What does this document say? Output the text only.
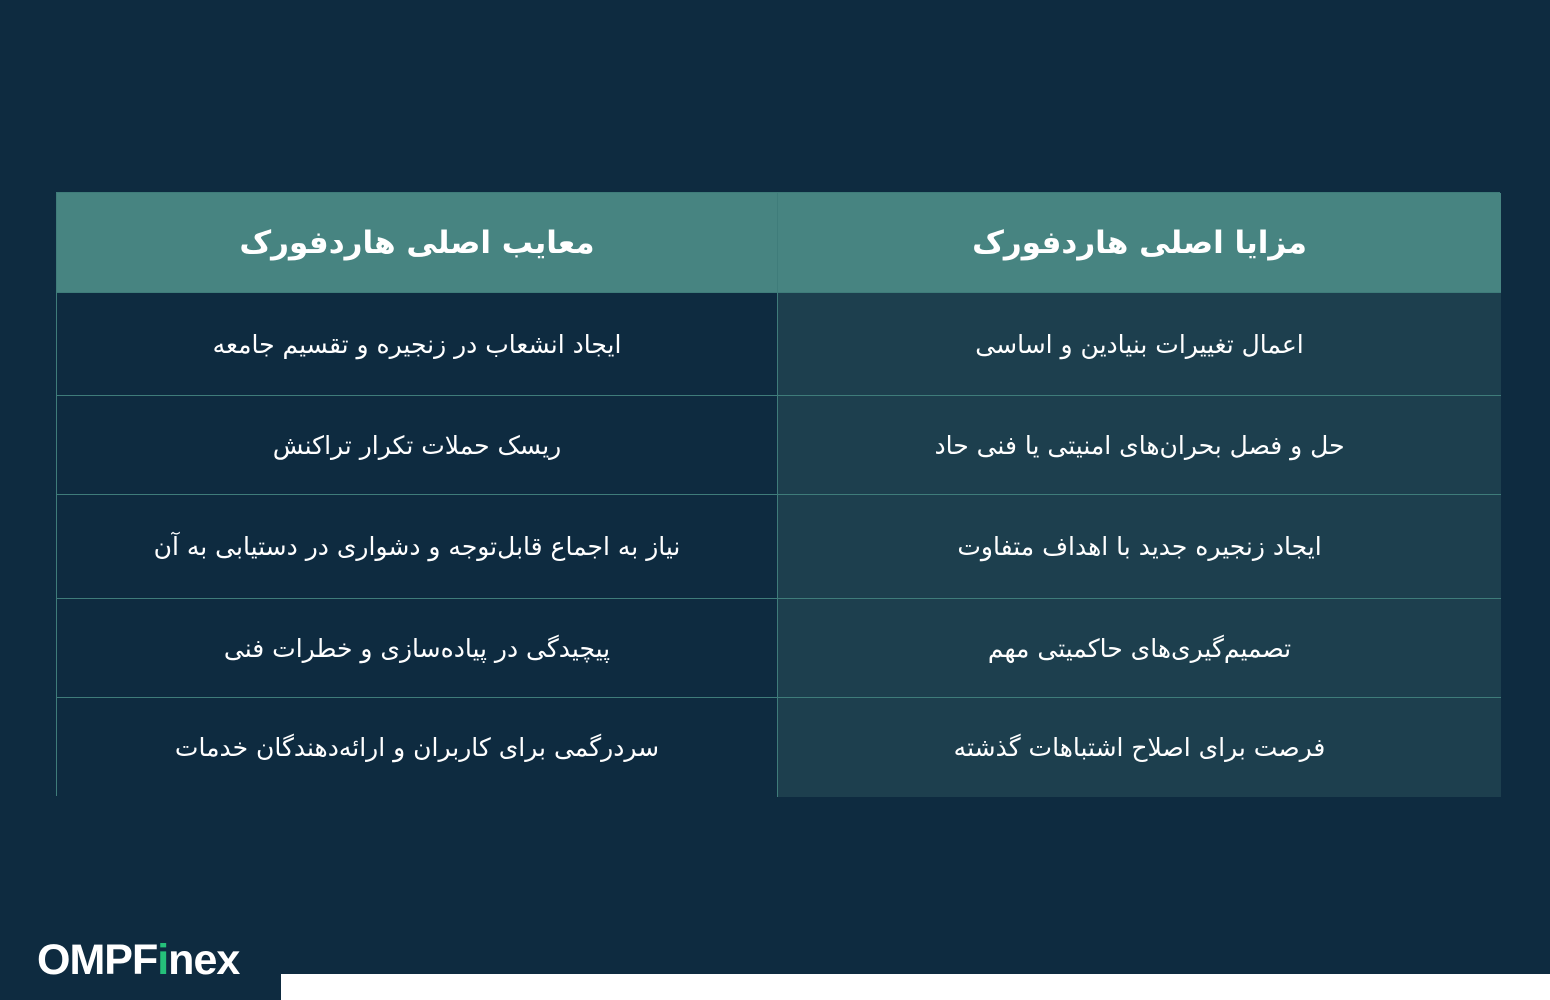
معایب اصلی هاردفورک	مزایا اصلی هاردفورک
ایجاد انشعاب در زنجیره و تقسیم جامعه	اعمال تغییرات بنیادین و اساسی
ریسک حملات تکرار تراکنش	حل و فصل بحران‌های امنیتی یا فنی حاد
نیاز به اجماع قابل‌توجه و دشواری در دستیابی به آن	ایجاد زنجیره جدید با اهداف متفاوت
پیچیدگی در پیاده‌سازی و خطرات فنی	تصمیم‌گیری‌های حاکمیتی مهم
سردرگمی برای کاربران و ارائه‌دهندگان خدمات	فرصت برای اصلاح اشتباهات گذشته
OMPFinex
